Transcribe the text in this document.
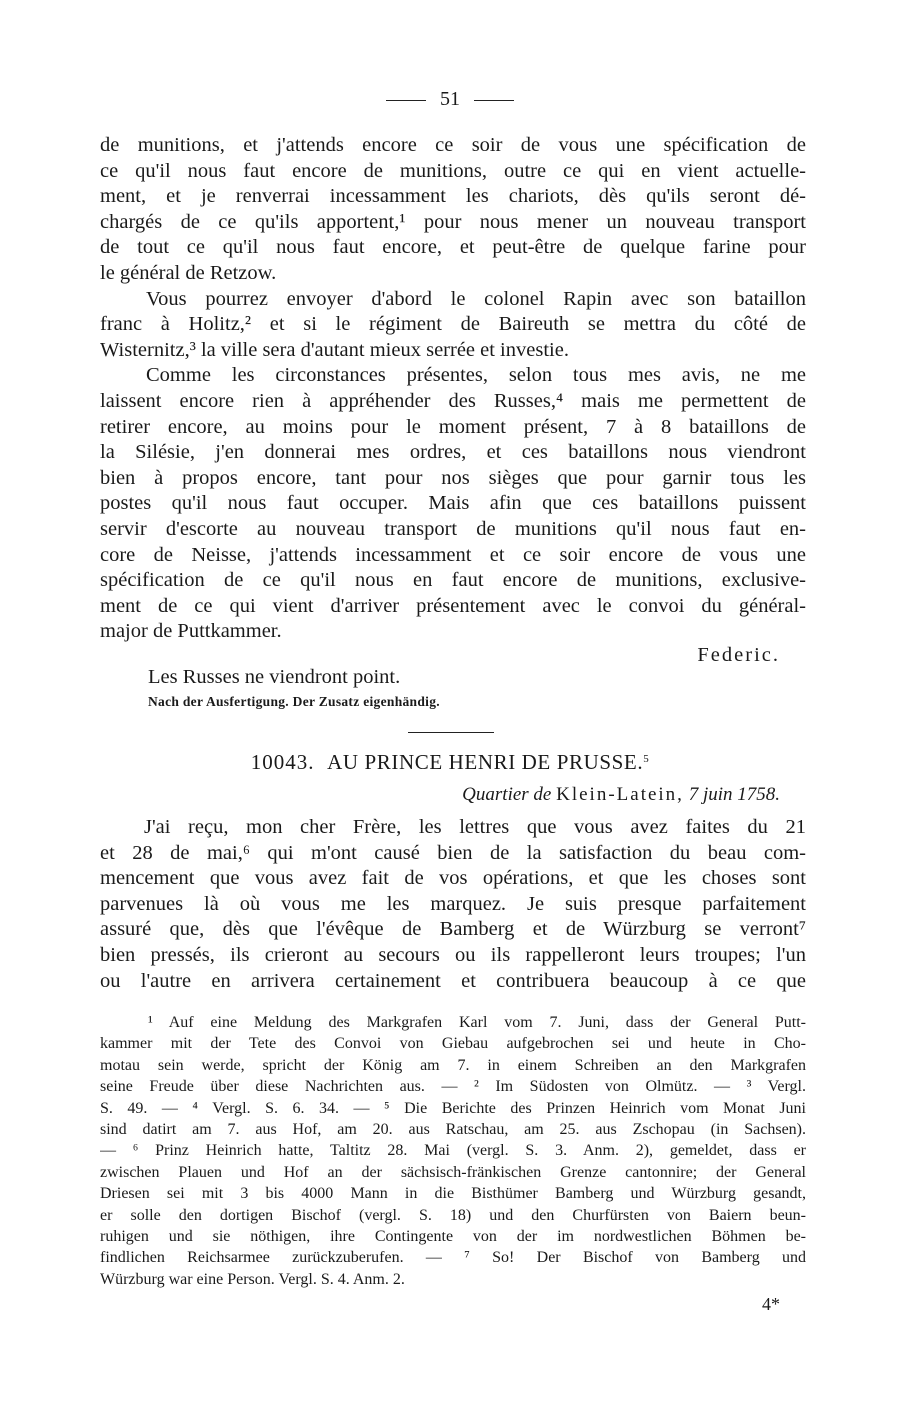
51
de munitions, et j'attends encore ce soir de vous une spécification de
ce qu'il nous faut encore de munitions, outre ce qui en vient actuelle-
ment, et je renverrai incessamment les chariots, dès qu'ils seront dé-
chargés de ce qu'ils apportent,¹ pour nous mener un nouveau transport
de tout ce qu'il nous faut encore, et peut-être de quelque farine pour
le général de Retzow.
Vous pourrez envoyer d'abord le colonel Rapin avec son bataillon
franc à Holitz,² et si le régiment de Baireuth se mettra du côté de
Wisternitz,³ la ville sera d'autant mieux serrée et investie.
Comme les circonstances présentes, selon tous mes avis, ne me
laissent encore rien à appréhender des Russes,⁴ mais me permettent de
retirer encore, au moins pour le moment présent, 7 à 8 bataillons de
la Silésie, j'en donnerai mes ordres, et ces bataillons nous viendront
bien à propos encore, tant pour nos sièges que pour garnir tous les
postes qu'il nous faut occuper. Mais afin que ces bataillons puissent
servir d'escorte au nouveau transport de munitions qu'il nous faut en-
core de Neisse, j'attends incessamment et ce soir encore de vous une
spécification de ce qu'il nous en faut encore de munitions, exclusive-
ment de ce qui vient d'arriver présentement avec le convoi du général-
major de Puttkammer.
Federic.
Les Russes ne viendront point.
Nach der Ausfertigung. Der Zusatz eigenhändig.
10043. AU PRINCE HENRI DE PRUSSE.$^5$
Quartier de Klein-Latein, 7 juin 1758.
J'ai reçu, mon cher Frère, les lettres que vous avez faites du 21
et 28 de mai,⁶ qui m'ont causé bien de la satisfaction du beau com-
mencement que vous avez fait de vos opérations, et que les choses sont
parvenues là où vous me les marquez. Je suis presque parfaitement
assuré que, dès que l'évêque de Bamberg et de Würzburg se verront⁷
bien pressés, ils crieront au secours ou ils rappelleront leurs troupes; l'un
ou l'autre en arrivera certainement et contribuera beaucoup à ce que
¹ Auf eine Meldung des Markgrafen Karl vom 7. Juni, dass der General Putt-
kammer mit der Tete des Convoi von Giebau aufgebrochen sei und heute in Cho-
motau sein werde, spricht der König am 7. in einem Schreiben an den Markgrafen
seine Freude über diese Nachrichten aus. — ² Im Südosten von Olmütz. — ³ Vergl.
S. 49. — ⁴ Vergl. S. 6. 34. — ⁵ Die Berichte des Prinzen Heinrich vom Monat Juni
sind datirt am 7. aus Hof, am 20. aus Ratschau, am 25. aus Zschopau (in Sachsen).
— ⁶ Prinz Heinrich hatte, Taltitz 28. Mai (vergl. S. 3. Anm. 2), gemeldet, dass er
zwischen Plauen und Hof an der sächsisch-fränkischen Grenze cantonnire; der General
Driesen sei mit 3 bis 4000 Mann in die Bisthümer Bamberg und Würzburg gesandt,
er solle den dortigen Bischof (vergl. S. 18) und den Churfürsten von Baiern beun-
ruhigen und sie nöthigen, ihre Contingente von der im nordwestlichen Böhmen be-
findlichen Reichsarmee zurückzuberufen. — ⁷ So! Der Bischof von Bamberg und
Würzburg war eine Person. Vergl. S. 4. Anm. 2.
4*
